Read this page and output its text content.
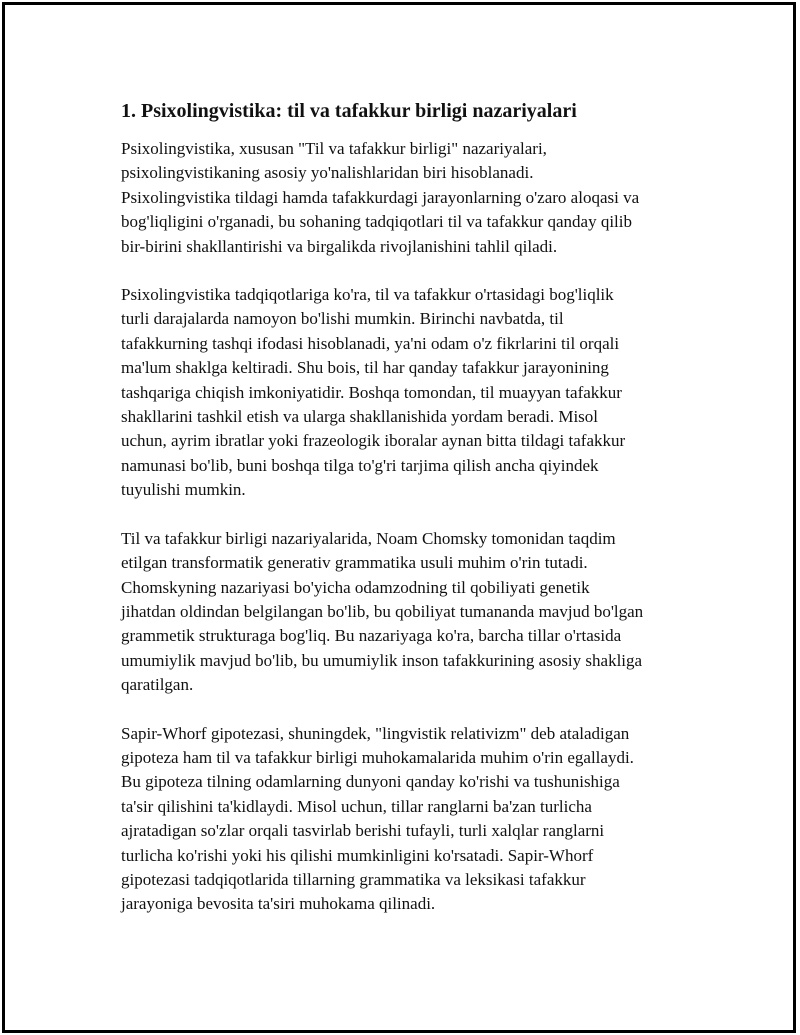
1. Psixolingvistika: til va tafakkur birligi nazariyalari

Psixolingvistika, xususan "Til va tafakkur birligi" nazariyalari,
psixolingvistikaning asosiy yo'nalishlaridan biri hisoblanadi.
Psixolingvistika tildagi hamda tafakkurdagi jarayonlarning o'zaro aloqasi va
bog'liqligini o'rganadi, bu sohaning tadqiqotlari til va tafakkur qanday qilib
bir-birini shakllantirishi va birgalikda rivojlanishini tahlil qiladi.

Psixolingvistika tadqiqotlariga ko'ra, til va tafakkur o'rtasidagi bog'liqlik
turli darajalarda namoyon bo'lishi mumkin. Birinchi navbatda, til
tafakkurning tashqi ifodasi hisoblanadi, ya'ni odam o'z fikrlarini til orqali
ma'lum shaklga keltiradi. Shu bois, til har qanday tafakkur jarayonining
tashqariga chiqish imkoniyatidir. Boshqa tomondan, til muayyan tafakkur
shakllarini tashkil etish va ularga shakllanishida yordam beradi. Misol
uchun, ayrim ibratlar yoki frazeologik iboralar aynan bitta tildagi tafakkur
namunasi bo'lib, buni boshqa tilga to'g'ri tarjima qilish ancha qiyindek
tuyulishi mumkin.

Til va tafakkur birligi nazariyalarida, Noam Chomsky tomonidan taqdim
etilgan transformatik generativ grammatika usuli muhim o'rin tutadi.
Chomskyning nazariyasi bo'yicha odamzodning til qobiliyati genetik
jihatdan oldindan belgilangan bo'lib, bu qobiliyat tumananda mavjud bo'lgan
grammetik strukturaga bog'liq. Bu nazariyaga ko'ra, barcha tillar o'rtasida
umumiylik mavjud bo'lib, bu umumiylik inson tafakkurining asosiy shakliga
qaratilgan.

Sapir-Whorf gipotezasi, shuningdek, "lingvistik relativizm" deb ataladigan
gipoteza ham til va tafakkur birligi muhokamalarida muhim o'rin egallaydi.
Bu gipoteza tilning odamlarning dunyoni qanday ko'rishi va tushunishiga
ta'sir qilishini ta'kidlaydi. Misol uchun, tillar ranglarni ba'zan turlicha
ajratadigan so'zlar orqali tasvirlab berishi tufayli, turli xalqlar ranglarni
turlicha ko'rishi yoki his qilishi mumkinligini ko'rsatadi. Sapir-Whorf
gipotezasi tadqiqotlarida tillarning grammatika va leksikasi tafakkur
jarayoniga bevosita ta'siri muhokama qilinadi.
